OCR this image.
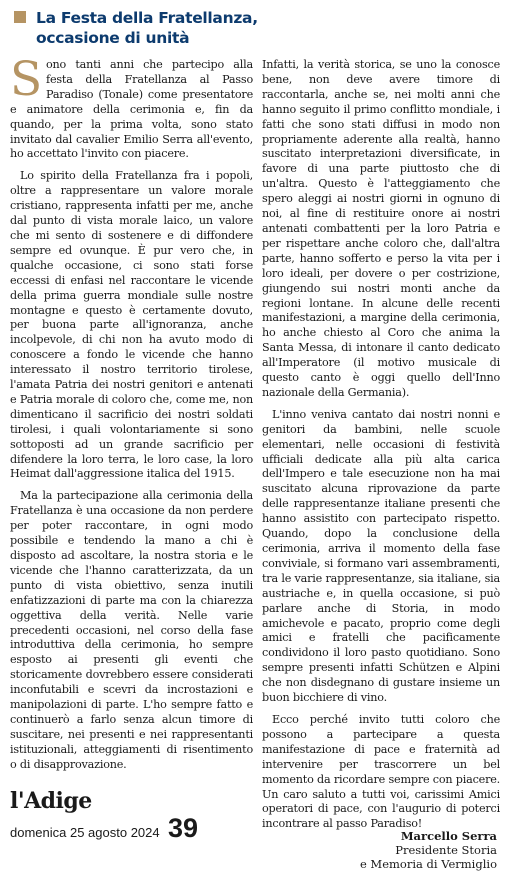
La Festa della Fratellanza,
occasione di unità

Sono tanti anni che partecipo alla festa della Fratellanza al Passo Paradiso (Tonale) come presentatore e animatore della cerimonia e, fin da quando, per la prima volta, sono stato invitato dal cavalier Emilio Serra all'evento, ho accettato l'invito con piacere.

Lo spirito della Fratellanza fra i popoli, oltre a rappresentare un valore morale cristiano, rappresenta infatti per me, anche dal punto di vista morale laico, un valore che mi sento di sostenere e di diffondere sempre ed ovunque. È pur vero che, in qualche occasione, ci sono stati forse eccessi di enfasi nel raccontare le vicende della prima guerra mondiale sulle nostre montagne e questo è certamente dovuto, per buona parte all'ignoranza, anche incolpevole, di chi non ha avuto modo di conoscere a fondo le vicende che hanno interessato il nostro territorio tirolese, l'amata Patria dei nostri genitori e antenati e Patria morale di coloro che, come me, non dimenticano il sacrificio dei nostri soldati tirolesi, i quali volontariamente si sono sottoposti ad un grande sacrificio per difendere la loro terra, le loro case, la loro Heimat dall'aggressione italica del 1915.

Ma la partecipazione alla cerimonia della Fratellanza è una occasione da non perdere per poter raccontare, in ogni modo possibile e tendendo la mano a chi è disposto ad ascoltare, la nostra storia e le vicende che l'hanno caratterizzata, da un punto di vista obiettivo, senza inutili enfatizzazioni di parte ma con la chiarezza oggettiva della verità. Nelle varie precedenti occasioni, nel corso della fase introduttiva della cerimonia, ho sempre esposto ai presenti gli eventi che storicamente dovrebbero essere considerati inconfutabili e scevri da incrostazioni e manipolazioni di parte. L'ho sempre fatto e continuerò a farlo senza alcun timore di suscitare, nei presenti e nei rappresentanti istituzionali, atteggiamenti di risentimento o di disapprovazione.

Infatti, la verità storica, se uno la conosce bene, non deve avere timore di raccontarla, anche se, nei molti anni che hanno seguito il primo conflitto mondiale, i fatti che sono stati diffusi in modo non propriamente aderente alla realtà, hanno suscitato interpretazioni diversificate, in favore di una parte piuttosto che di un'altra. Questo è l'atteggiamento che spero aleggi ai nostri giorni in ognuno di noi, al fine di restituire onore ai nostri antenati combattenti per la loro Patria e per rispettare anche coloro che, dall'altra parte, hanno sofferto e perso la vita per i loro ideali, per dovere o per costrizione, giungendo sui nostri monti anche da regioni lontane. In alcune delle recenti manifestazioni, a margine della cerimonia, ho anche chiesto al Coro che anima la Santa Messa, di intonare il canto dedicato all'Imperatore (il motivo musicale di questo canto è oggi quello dell'Inno nazionale della Germania).

L'inno veniva cantato dai nostri nonni e genitori da bambini, nelle scuole elementari, nelle occasioni di festività ufficiali dedicate alla più alta carica dell'Impero e tale esecuzione non ha mai suscitato alcuna riprovazione da parte delle rappresentanze italiane presenti che hanno assistito con partecipato rispetto. Quando, dopo la conclusione della cerimonia, arriva il momento della fase conviviale, si formano vari assembramenti, tra le varie rappresentanze, sia italiane, sia austriache e, in quella occasione, si può parlare anche di Storia, in modo amichevole e pacato, proprio come degli amici e fratelli che pacificamente condividono il loro pasto quotidiano. Sono sempre presenti infatti Schützen e Alpini che non disdegnano di gustare insieme un buon bicchiere di vino.

Ecco perché invito tutti coloro che possono a partecipare a questa manifestazione di pace e fraternità ad intervenire per trascorrere un bel momento da ricordare sempre con piacere. Un caro saluto a tutti voi, carissimi Amici operatori di pace, con l'augurio di poterci incontrare al passo Paradiso!

l'Adige
domenica 25 agosto 2024 39	Marcello Serra
Presidente Storia
e Memoria di Vermiglio
